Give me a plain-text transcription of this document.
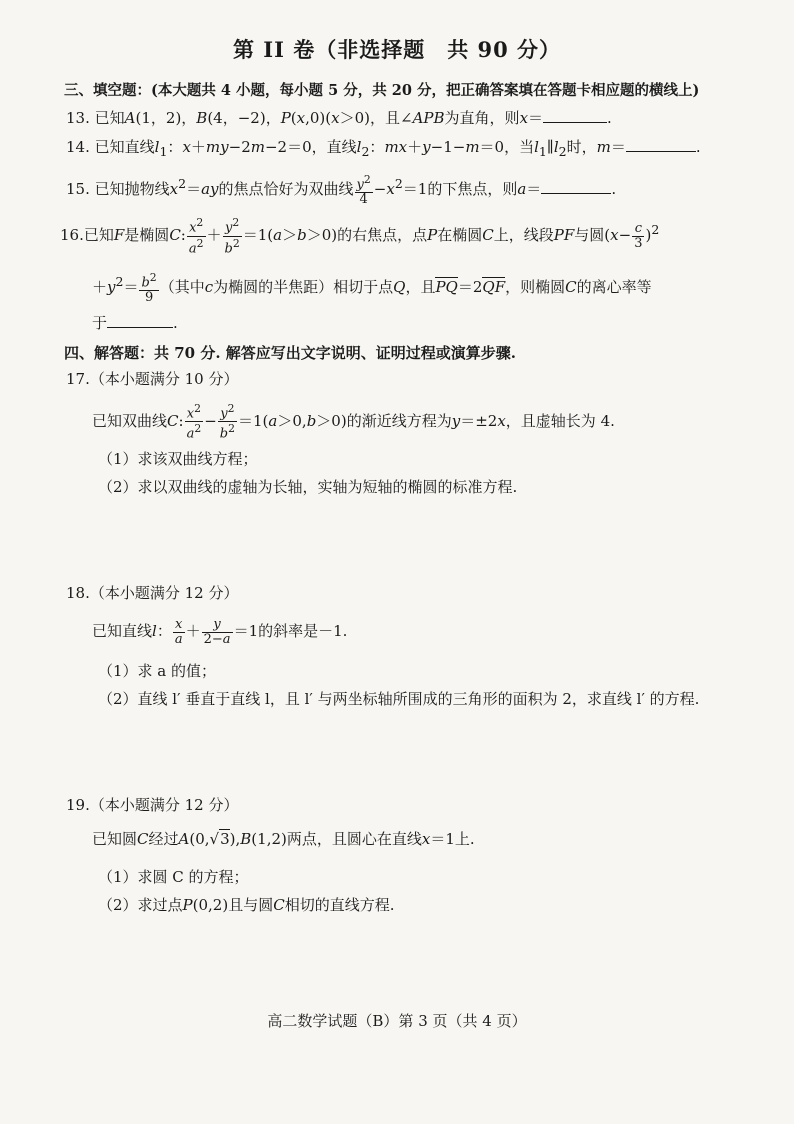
第 II 卷（非选择题　共 90 分）
三、填空题：(本大题共 4 小题，每小题 5 分，共 20 分，把正确答案填在答题卡相应题的横线上)
13. 已知A(1，2)，B(4，−2)，P(x,0)(x＞0)，且∠APB为直角，则x＝	.
14. 已知直线$l_1$：x＋my−2m−2＝0，直线$l_2$：mx＋y−1−m＝0，当$l_1\parallel l_2$时，m＝	.
15. 已知抛物线$x^2=ay$的焦点恰好为双曲线 $\frac{y^2}{4} -x^2=1$的下焦点，则a＝	.
16.已知F是椭圆C: $\frac{x^2}{a^2} + \frac{y^2}{b^2} =1(a>b>0)$的右焦点，点P在椭圆C上，线段PF与圆$(x- \frac{c}{3} )^2$
$+y^2= \frac{b^2}{9}$ （其中c为椭圆的半焦距）相切于点Q，且PQ＝2QF，则椭圆C的离心率等
于	.
四、解答题：共 70 分. 解答应写出文字说明、证明过程或演算步骤.
17.（本小题满分 10 分）
已知双曲线C: $\frac{x^2}{a^2} - \frac{y^2}{b^2} =1(a>0,b>0)$的渐近线方程为y＝±2x，且虚轴长为 4.
（1）求该双曲线方程；
（2）求以双曲线的虚轴为长轴，实轴为短轴的椭圆的标准方程.
18.（本小题满分 12 分）
已知直线l： $\frac{x}{a} + \frac{y}{2-a} =1$的斜率是－1.
（1）求 a 的值；
（2）直线 l′ 垂直于直线 l，且 l′ 与两坐标轴所围成的三角形的面积为 2，求直线 l′ 的方程.
19.（本小题满分 12 分）
已知圆C经过A(0,√3),B(1,2)两点，且圆心在直线x＝1上.
（1）求圆 C 的方程；
（2）求过点P(0,2)且与圆C相切的直线方程.
高二数学试题（B）第 3 页（共 4 页）
